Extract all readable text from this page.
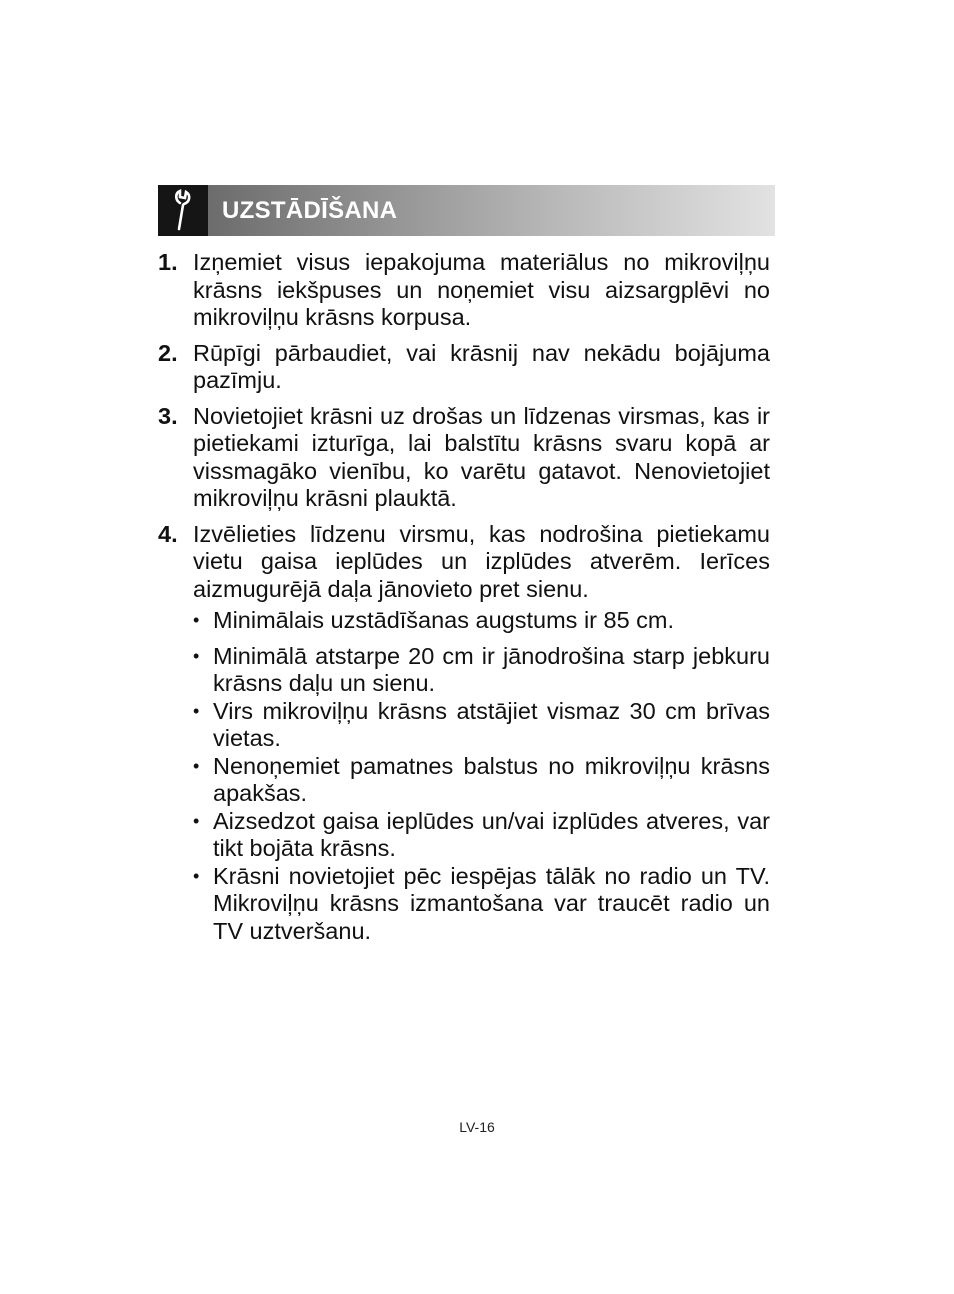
UZSTĀDĪŠANA
1. Izņemiet visus iepakojuma materiālus no mikroviļņu krāsns iekšpuses un noņemiet visu aizsargplēvi no mikroviļņu krāsns korpusa.
2. Rūpīgi pārbaudiet, vai krāsnij nav nekādu bojājuma pazīmju.
3. Novietojiet krāsni uz drošas un līdzenas virsmas, kas ir pietiekami izturīga, lai balstītu krāsns svaru kopā ar vissmagāko vienību, ko varētu gatavot. Nenovietojiet mikroviļņu krāsni plauktā.
4. Izvēlieties līdzenu virsmu, kas nodrošina pietiekamu vietu gaisa ieplūdes un izplūdes atverēm. Ierīces aizmugurējā daļa jānovieto pret sienu.
• Minimālais uzstādīšanas augstums ir 85 cm.
• Minimālā atstarpe 20 cm ir jānodrošina starp jebkuru krāsns daļu un sienu.
• Virs mikroviļņu krāsns atstājiet vismaz 30 cm brīvas vietas.
• Nenoņemiet pamatnes balstus no mikroviļņu krāsns apakšas.
• Aizsedzot gaisa ieplūdes un/vai izplūdes atveres, var tikt bojāta krāsns.
• Krāsni novietojiet pēc iespējas tālāk no radio un TV. Mikroviļņu krāsns izmantošana var traucēt radio un TV uztveršanu.
LV-16
